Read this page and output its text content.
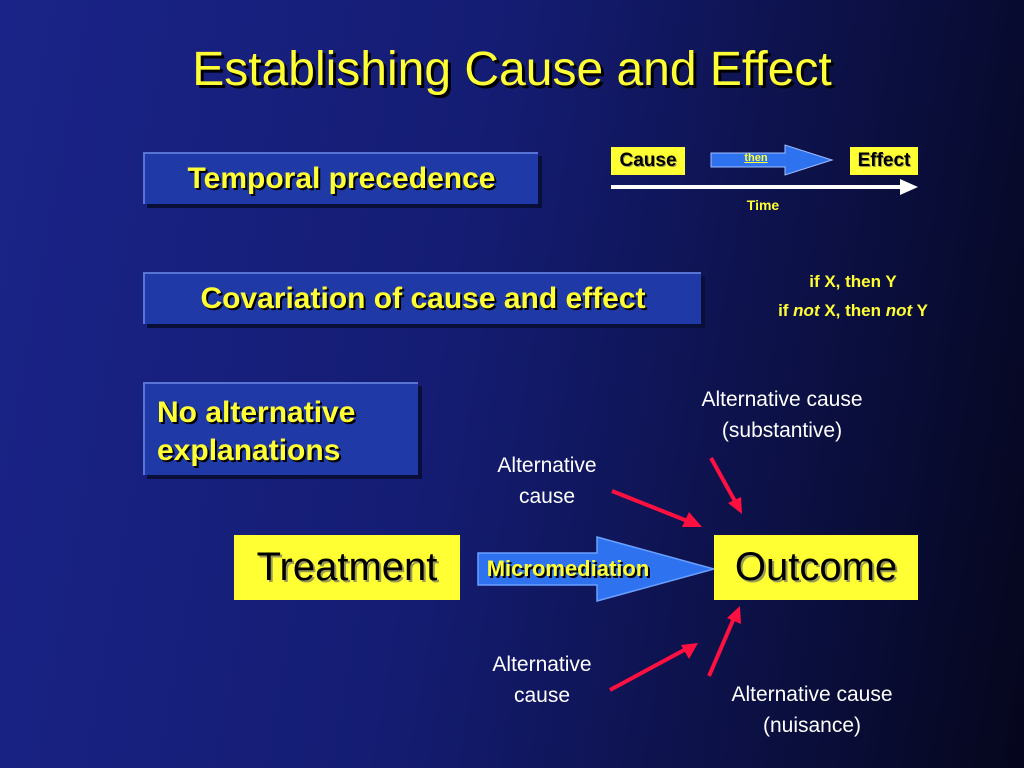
Establishing Cause and Effect
Temporal precedence
Covariation of cause and effect
No alternative
explanations
Cause	then	Effect
Time
if X, then Y
if not X, then not Y
Treatment	Micromediation	Outcome
Alternative cause
(substantive)
Alternative
cause
Alternative
cause	Alternative cause
(nuisance)
